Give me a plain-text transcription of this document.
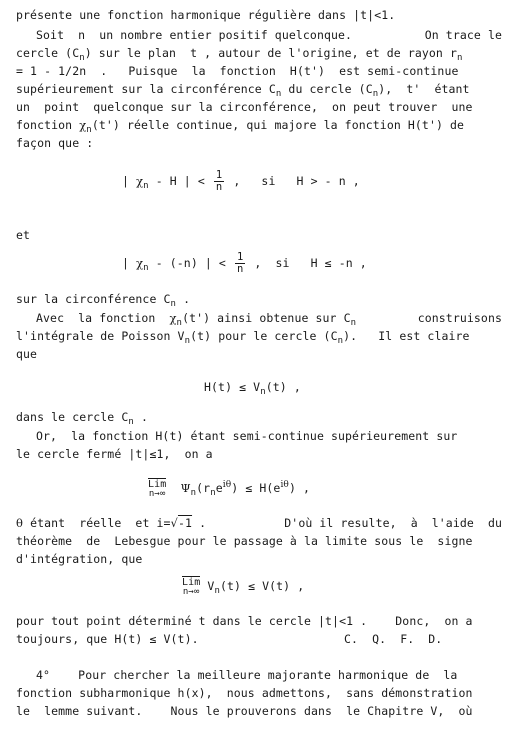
présente une fonction harmonique régulière dans |t|<1.
Soit  n  un nombre entier positif quelconque.	On trace le
cercle $(C_n)$ sur le plan  t , autour de l'origine, et de rayon $r_n$
= 1 - 1/2n  .   Puisque  la  fonction  H(t')  est semi-continue
supérieurement sur la circonférence $C_n$ du cercle $(C_n)$,  t'  étant
un  point  quelconque sur la circonférence,  on peut trouver  une
fonction $\chi_n(t')$ réelle continue, qui majore la fonction H(t') de
façon que :
| $\chi_n$ - H | < $\frac{1}{n}$ ,   si   H > - n ,
et
| $\chi_n - (-n)$ | < $\frac{1}{n}$ ,  si   H ≤ -n ,
sur la circonférence $C_n$ .
Avec  la fonction  $\chi_n(t')$ ainsi obtenue sur $C_n$	construisons
l'intégrale de Poisson $V_n(t)$ pour le cercle $(C_n)$.   Il est claire
que
$H(t) \le V_n(t)$ ,
dans le cercle $C_n$ .
Or,  la fonction H(t) étant semi-continue supérieurement sur
le cercle fermé |t|≤1,  on a
Lim
n→∞ $\Psi_n(r_ne^{i\theta}) \le H(e^{i\theta})$ ,
θ étant  réelle  et i=√-1 .	D'où il resulte,  à  l'aide  du
théorème  de  Lebesgue pour le passage à la limite sous le  signe
d'intégration, que
Lim
n→∞ $V_n(t) \le V(t)$ ,
pour tout point déterminé t dans le cercle |t|<1 .    Donc,  on a
toujours, que H(t) ≤ V(t).	C.  Q.  F.  D.
4° Pour chercher la meilleure majorante harmonique de  la
fonction subharmonique h(x),  nous admettons,  sans démonstration
le  lemme suivant.    Nous le prouverons dans  le Chapitre V,  où
